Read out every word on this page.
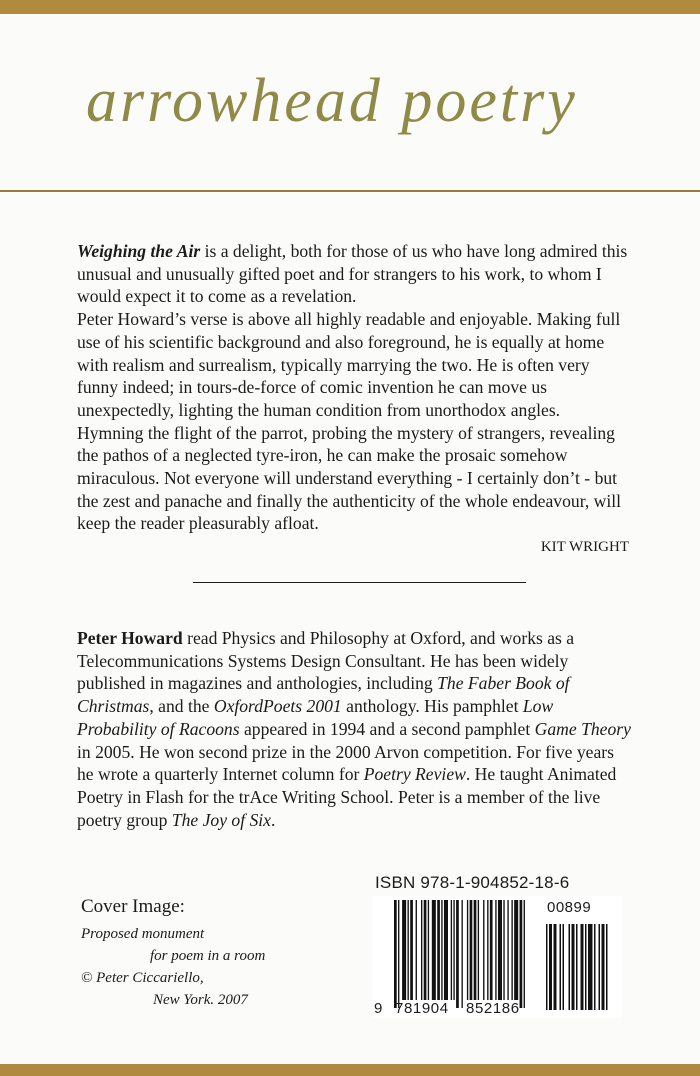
arrowhead poetry

Weighing the Air is a delight, both for those of us who have long admired this unusual and unusually gifted poet and for strangers to his work, to whom I would expect it to come as a revelation.

Peter Howard’s verse is above all highly readable and enjoyable. Making full use of his scientific background and also foreground, he is equally at home with realism and surrealism, typically marrying the two. He is often very funny indeed; in tours-de-force of comic invention he can move us unexpectedly, lighting the human condition from unorthodox angles. Hymning the flight of the parrot, probing the mystery of strangers, revealing the pathos of a neglected tyre-iron, he can make the prosaic somehow miraculous. Not everyone will understand everything - I certainly don’t - but the zest and panache and finally the authenticity of the whole endeavour, will keep the reader pleasurably afloat.

KIT WRIGHT
Peter Howard read Physics and Philosophy at Oxford, and works as a Telecommunications Systems Design Consultant. He has been widely published in magazines and anthologies, including The Faber Book of Christmas, and the OxfordPoets 2001 anthology. His pamphlet Low Probability of Racoons appeared in 1994 and a second pamphlet Game Theory in 2005. He won second prize in the 2000 Arvon competition. For five years he wrote a quarterly Internet column for Poetry Review. He taught Animated Poetry in Flash for the trAce Writing School. Peter is a member of the live poetry group The Joy of Six.
Cover Image:
Proposed monument
for poem in a room
© Peter Ciccariello,
New York. 2007
ISBN 978-1-904852-18-6
00899
9 781904 852186
